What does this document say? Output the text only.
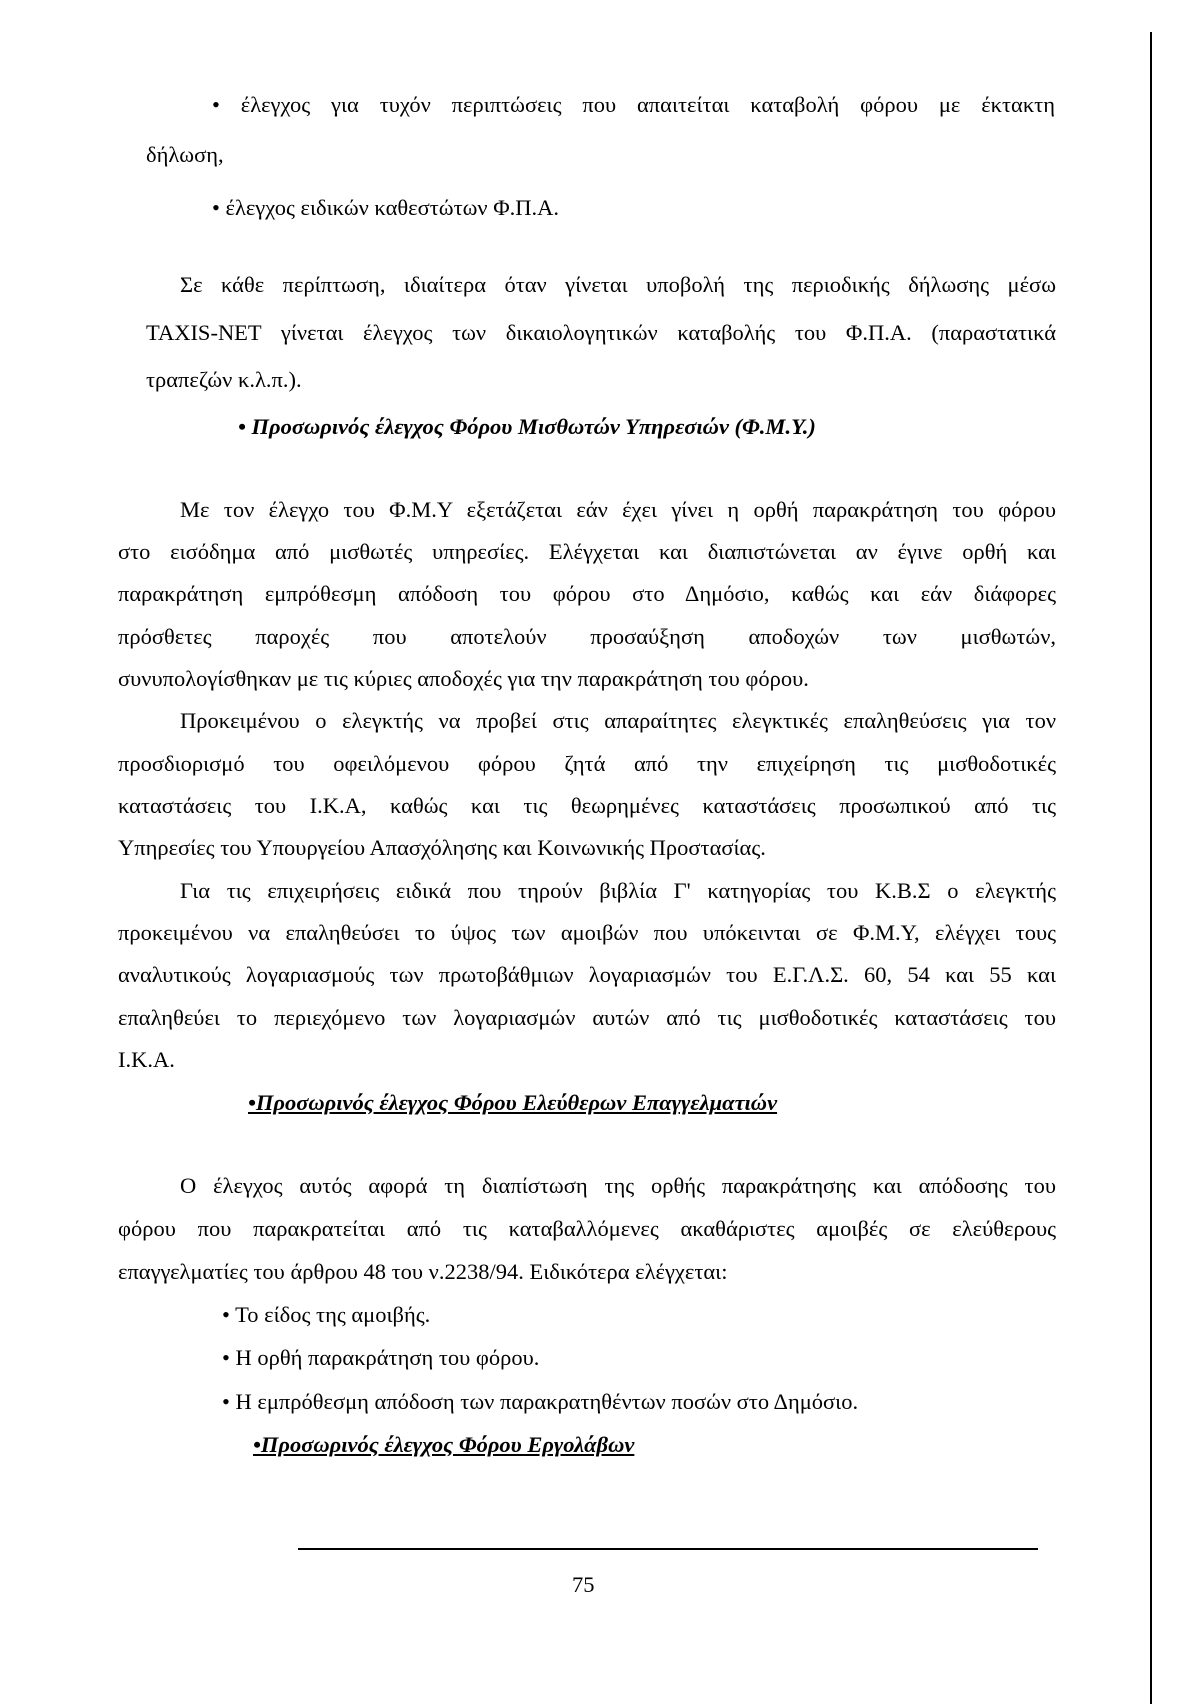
• έλεγχος για τυχόν περιπτώσεις που απαιτείται καταβολή φόρου με έκτακτη
δήλωση,
• έλεγχος ειδικών καθεστώτων Φ.Π.Α.
Σε κάθε περίπτωση, ιδιαίτερα όταν γίνεται υποβολή της περιοδικής δήλωσης μέσω
TAXIS-NET γίνεται έλεγχος των δικαιολογητικών καταβολής του Φ.Π.Α. (παραστατικά
τραπεζών κ.λ.π.).
• Προσωρινός έλεγχος Φόρου Μισθωτών Υπηρεσιών (Φ.Μ.Υ.)
Με τον έλεγχο του Φ.Μ.Υ εξετάζεται εάν έχει γίνει η ορθή παρακράτηση του φόρου
στο εισόδημα από μισθωτές υπηρεσίες. Ελέγχεται και διαπιστώνεται αν έγινε ορθή και
παρακράτηση εμπρόθεσμη απόδοση του φόρου στο Δημόσιο, καθώς και εάν διάφορες
πρόσθετες παροχές που αποτελούν προσαύξηση αποδοχών των μισθωτών,
συνυπολογίσθηκαν με τις κύριες αποδοχές για την παρακράτηση του φόρου.
Προκειμένου ο ελεγκτής να προβεί στις απαραίτητες ελεγκτικές επαληθεύσεις για τον
προσδιορισμό του οφειλόμενου φόρου ζητά από την επιχείρηση τις μισθοδοτικές
καταστάσεις του Ι.Κ.Α, καθώς και τις θεωρημένες καταστάσεις προσωπικού από τις
Υπηρεσίες του Υπουργείου Απασχόλησης και Κοινωνικής Προστασίας.
Για τις επιχειρήσεις ειδικά που τηρούν βιβλία Γ' κατηγορίας του Κ.Β.Σ ο ελεγκτής
προκειμένου να επαληθεύσει το ύψος των αμοιβών που υπόκεινται σε Φ.Μ.Υ, ελέγχει τους
αναλυτικούς λογαριασμούς των πρωτοβάθμιων λογαριασμών του Ε.Γ.Λ.Σ. 60, 54 και 55 και
επαληθεύει το περιεχόμενο των λογαριασμών αυτών από τις μισθοδοτικές καταστάσεις του
Ι.Κ.Α.
•Προσωρινός έλεγχος Φόρου Ελεύθερων Επαγγελματιών
Ο έλεγχος αυτός αφορά τη διαπίστωση της ορθής παρακράτησης και απόδοσης του
φόρου που παρακρατείται από τις καταβαλλόμενες ακαθάριστες αμοιβές σε ελεύθερους
επαγγελματίες του άρθρου 48 του ν.2238/94. Ειδικότερα ελέγχεται:
• Το είδος της αμοιβής.
• Η ορθή παρακράτηση του φόρου.
• Η εμπρόθεσμη απόδοση των παρακρατηθέντων ποσών στο Δημόσιο.
•Προσωρινός έλεγχος Φόρου Εργολάβων
75
